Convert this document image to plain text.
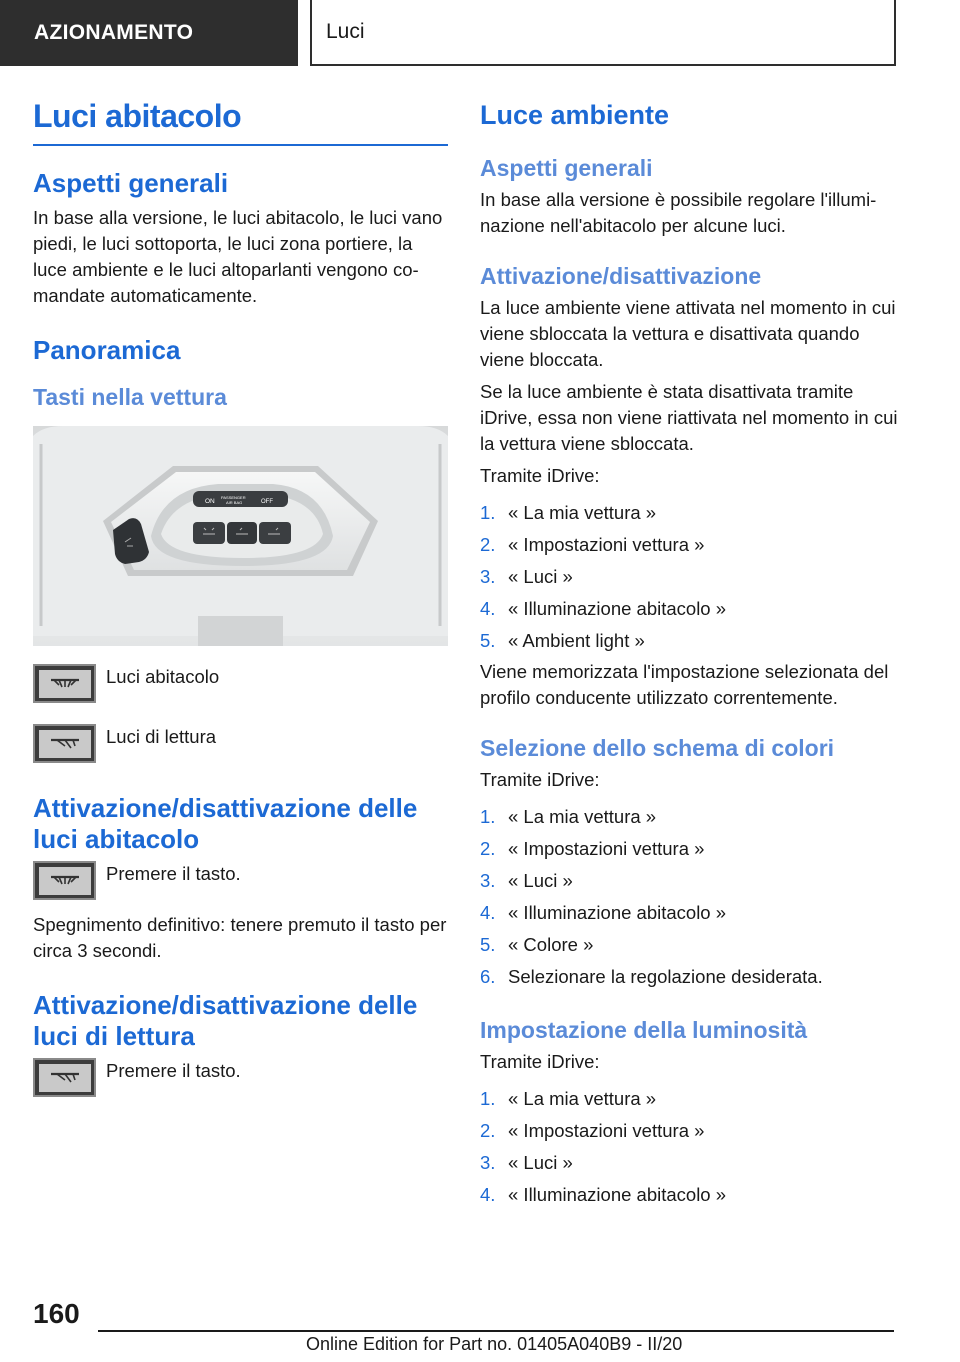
AZIONAMENTO	Luci
Luci abitacolo
Aspetti generali
In base alla versione, le luci abitacolo, le luci vano piedi, le luci sottoporta, le luci zona portiere, la luce ambiente e le luci altoparlanti vengono co-mandate automaticamente.
Panoramica
Tasti nella vettura
ON
PASSENGER
AIR BAG	OFF
Luci abitacolo
Luci di lettura
Attivazione/disattivazione delle luci abitacolo
Premere il tasto.
Spegnimento definitivo: tenere premuto il tasto per circa 3 secondi.
Attivazione/disattivazione delle luci di lettura
Premere il tasto.
Luce ambiente
Aspetti generali
In base alla versione è possibile regolare l'illumi-nazione nell'abitacolo per alcune luci.
Attivazione/disattivazione
La luce ambiente viene attivata nel momento in cui viene sbloccata la vettura e disattivata quando viene bloccata.
Se la luce ambiente è stata disattivata tramite iDrive, essa non viene riattivata nel momento in cui la vettura viene sbloccata.
Tramite iDrive:
1. « La mia vettura »
2. « Impostazioni vettura »
3. « Luci »
4. « Illuminazione abitacolo »
5. « Ambient light »
Viene memorizzata l'impostazione selezionata del profilo conducente utilizzato correntemente.
Selezione dello schema di colori
Tramite iDrive:
1. « La mia vettura »
2. « Impostazioni vettura »
3. « Luci »
4. « Illuminazione abitacolo »
5. « Colore »
6. Selezionare la regolazione desiderata.
Impostazione della luminosità
Tramite iDrive:
1. « La mia vettura »
2. « Impostazioni vettura »
3. « Luci »
4. « Illuminazione abitacolo »
160
Online Edition for Part no. 01405A040B9 - II/20
